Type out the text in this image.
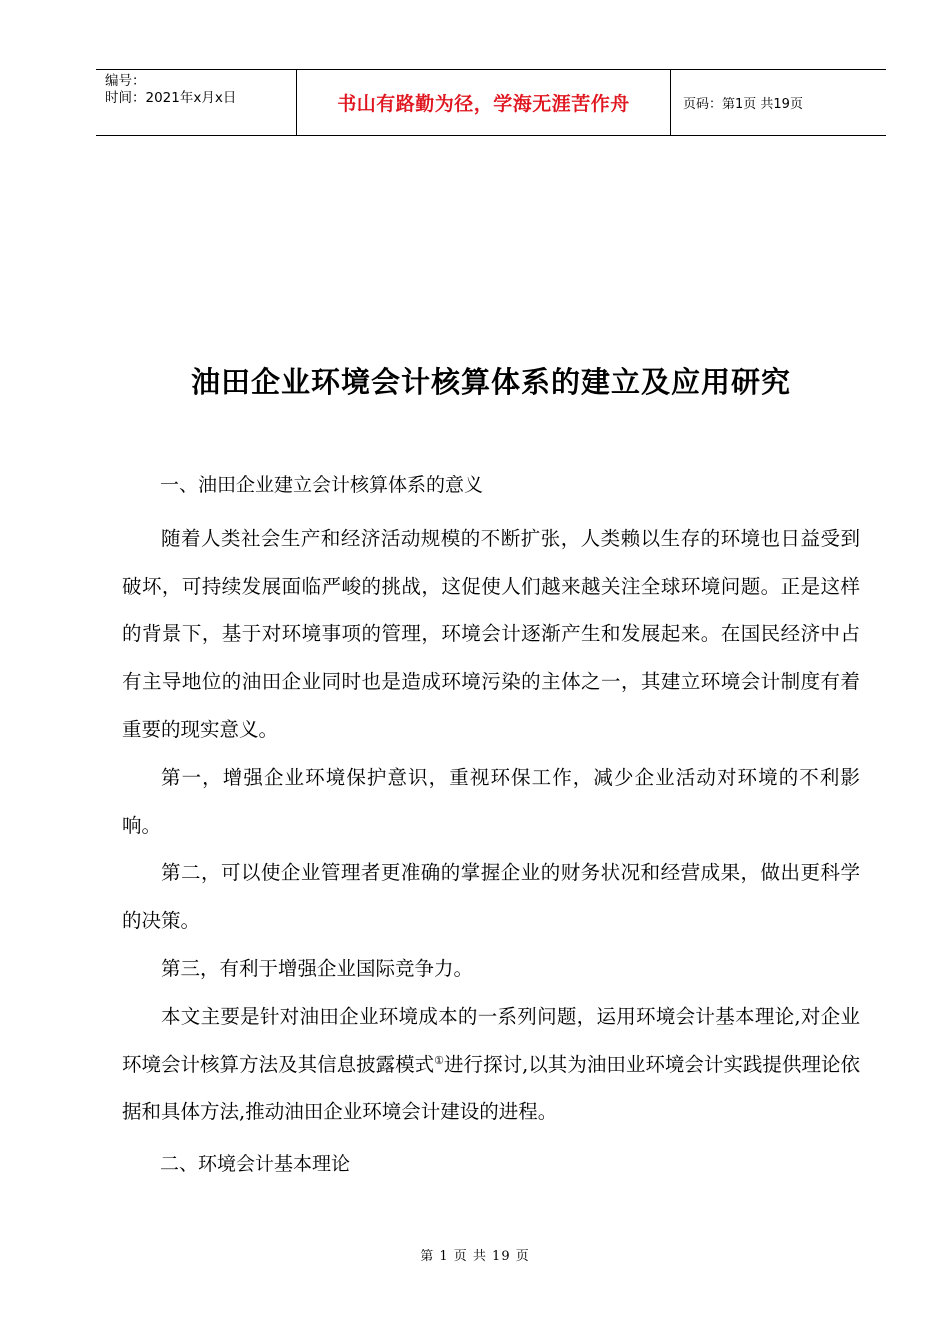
编号：
时间：2021年x月x日	书山有路勤为径，学海无涯苦作舟	页码：第1页 共19页
油田企业环境会计核算体系的建立及应用研究

一、油田企业建立会计核算体系的意义

随着人类社会生产和经济活动规模的不断扩张，人类赖以生存的环境也日益受到破坏，可持续发展面临严峻的挑战，这促使人们越来越关注全球环境问题。正是这样的背景下，基于对环境事项的管理，环境会计逐渐产生和发展起来。在国民经济中占有主导地位的油田企业同时也是造成环境污染的主体之一，其建立环境会计制度有着重要的现实意义。

第一，增强企业环境保护意识，重视环保工作，减少企业活动对环境的不利影响。

第二，可以使企业管理者更准确的掌握企业的财务状况和经营成果，做出更科学的决策。

第三，有利于增强企业国际竞争力。

本文主要是针对油田企业环境成本的一系列问题，运用环境会计基本理论,对企业环境会计核算方法及其信息披露模式①进行探讨,以其为油田业环境会计实践提供理论依据和具体方法,推动油田企业环境会计建设的进程。

二、环境会计基本理论

第 1 页 共 19 页
